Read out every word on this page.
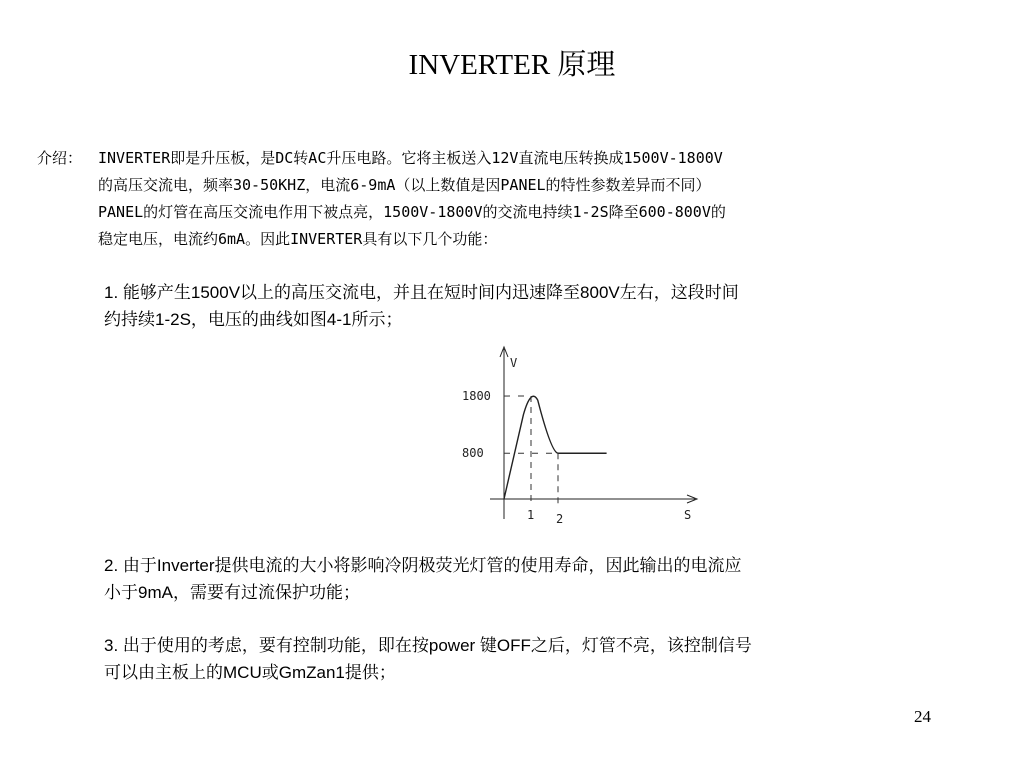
INVERTER 原理
介绍： INVERTER即是升压板，是DC转AC升压电路。它将主板送入12V直流电压转换成1500V-1800V
的高压交流电，频率30-50KHZ，电流6-9mA（以上数值是因PANEL的特性参数差异而不同）
PANEL的灯管在高压交流电作用下被点亮，1500V-1800V的交流电持续1-2S降至600-800V的
稳定电压，电流约6mA。因此INVERTER具有以下几个功能：
1. 能够产生1500V以上的高压交流电，并且在短时间内迅速降至800V左右，这段时间
约持续1-2S，电压的曲线如图4-1所示；
V
S
1800
800
1 2
2. 由于Inverter提供电流的大小将影响冷阴极荧光灯管的使用寿命，因此输出的电流应
小于9mA，需要有过流保护功能；
3. 出于使用的考虑，要有控制功能，即在按power 键OFF之后，灯管不亮，该控制信号
可以由主板上的MCU或GmZan1提供；
24
